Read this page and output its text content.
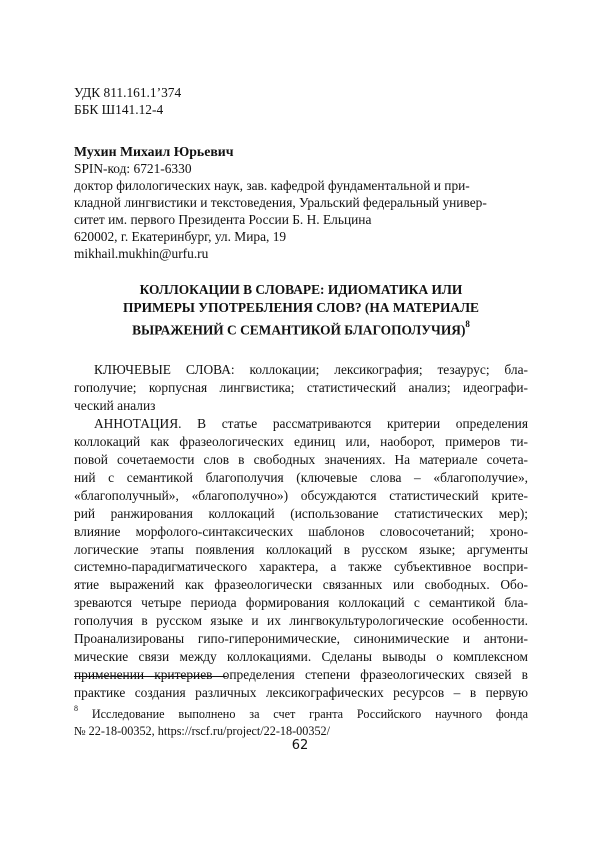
УДК 811.161.1’374

ББК Ш141.12-4

Мухин Михаил Юрьевич
SPIN-код: 6721-6330
доктор филологических наук, зав. кафедрой фундаментальной и при-
кладной лингвистики и текстоведения, Уральский федеральный универ-
ситет им. первого Президента России Б. Н. Ельцина
620002, г. Екатеринбург, ул. Мира, 19
mikhail.mukhin@urfu.ru
КОЛЛОКАЦИИ В СЛОВАРЕ: ИДИОМАТИКА ИЛИ
ПРИМЕРЫ УПОТРЕБЛЕНИЯ СЛОВ? (НА МАТЕРИАЛЕ
ВЫРАЖЕНИЙ С СЕМАНТИКОЙ БЛАГОПОЛУЧИЯ)$^8$

КЛЮЧЕВЫЕ СЛОВА: коллокации; лексикография; тезаурус; бла-
гополучие; корпусная лингвистика; статистический анализ; идеографи-
ческий анализ

АННОТАЦИЯ. В статье рассматриваются критерии определения
коллокаций как фразеологических единиц или, наоборот, примеров ти-
повой сочетаемости слов в свободных значениях. На материале сочета-
ний с семантикой благополучия (ключевые слова – «благополучие»,
«благополучный», «благополучно») обсуждаются статистический крите-
рий ранжирования коллокаций (использование статистических мер);
влияние морфолого-синтаксических шаблонов словосочетаний; хроно-
логические этапы появления коллокаций в русском языке; аргументы
системно-парадигматического характера, а также субъективное воспри-
ятие выражений как фразеологически связанных или свободных. Обо-
зреваются четыре периода формирования коллокаций с семантикой бла-
гополучия в русском языке и их лингвокультурологические особенности.
Проанализированы гипо-гиперонимические, синонимические и антони-
мические связи между коллокациями. Сделаны выводы о комплексном
применении критериев определения степени фразеологических связей в
практике создания различных лексикографических ресурсов – в первую

$^8$ Исследование выполнено за счет гранта Российского научного фонда
№ 22-18-00352, https://rscf.ru/project/22-18-00352/
62
